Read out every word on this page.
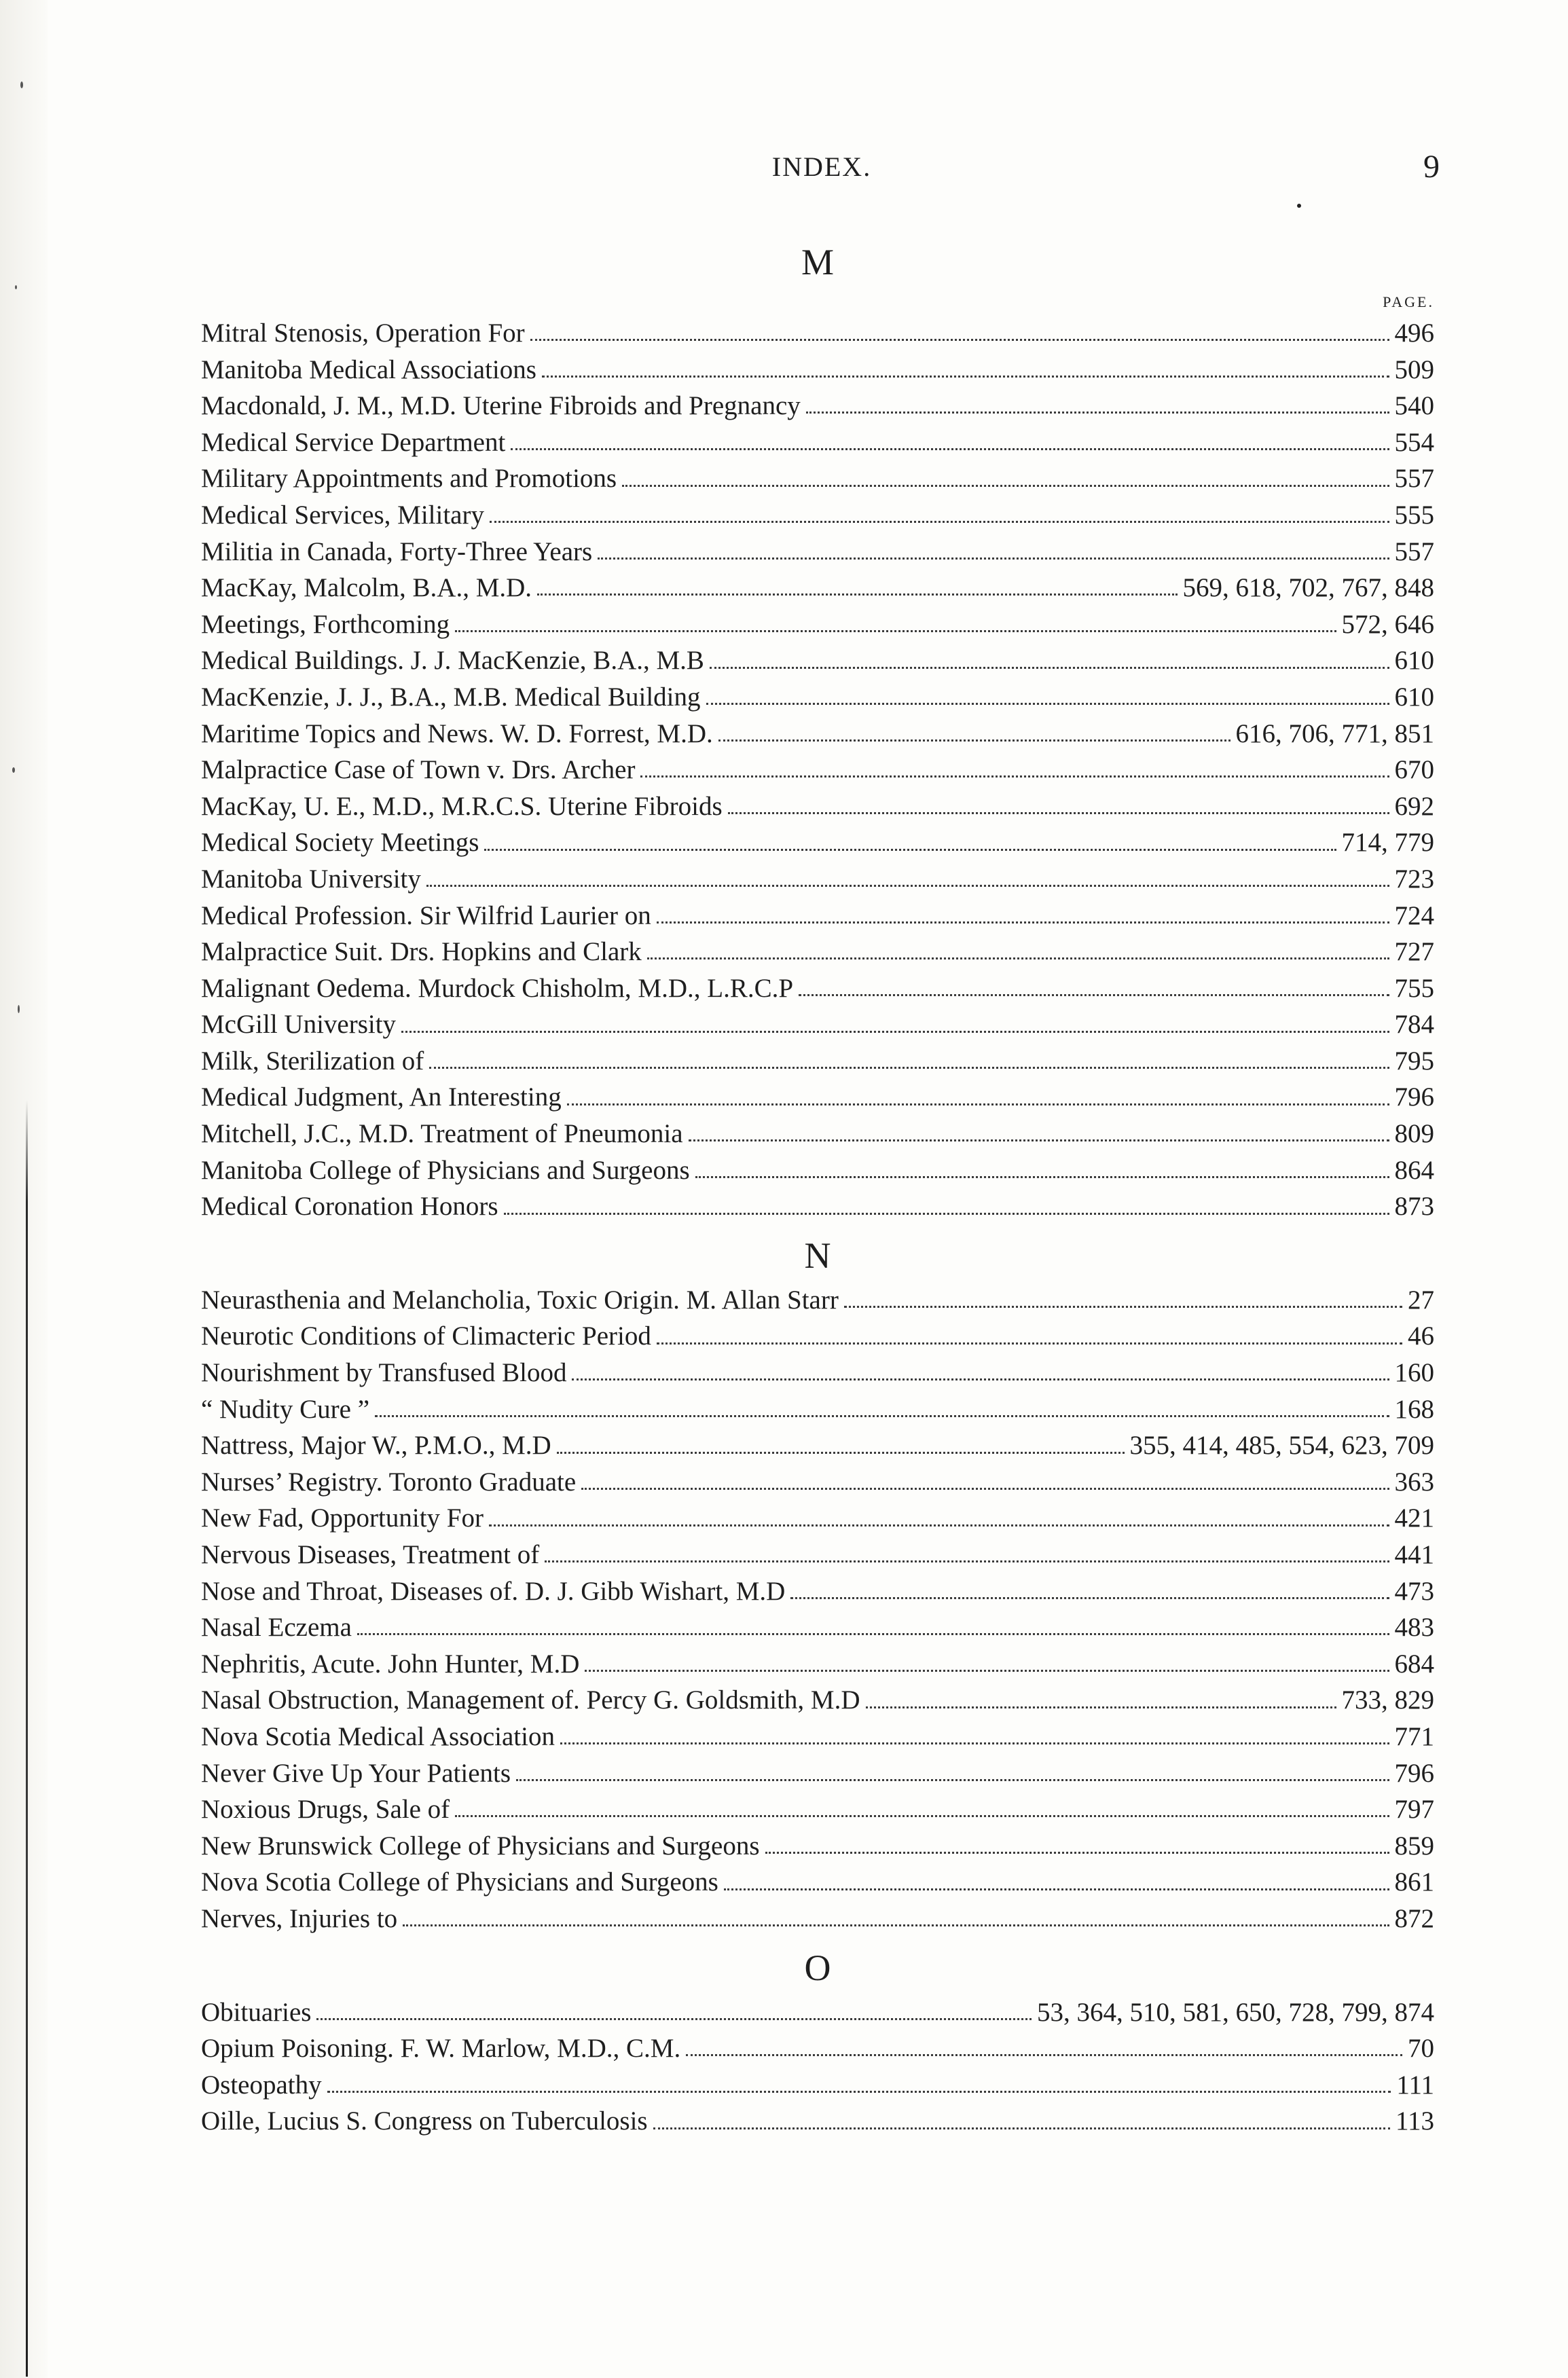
INDEX.	9
M
PAGE.
Mitral Stenosis, Operation For	496
Manitoba Medical Associations	509
Macdonald, J. M., M.D. Uterine Fibroids and Pregnancy	540
Medical Service Department	554
Military Appointments and Promotions	557
Medical Services, Military	555
Militia in Canada, Forty-Three Years	557
MacKay, Malcolm, B.A., M.D.	569, 618, 702, 767, 848
Meetings, Forthcoming	572, 646
Medical Buildings. J. J. MacKenzie, B.A., M.B	610
MacKenzie, J. J., B.A., M.B. Medical Building	610
Maritime Topics and News. W. D. Forrest, M.D.	616, 706, 771, 851
Malpractice Case of Town v. Drs. Archer	670
MacKay, U. E., M.D., M.R.C.S. Uterine Fibroids	692
Medical Society Meetings	714, 779
Manitoba University	723
Medical Profession. Sir Wilfrid Laurier on	724
Malpractice Suit. Drs. Hopkins and Clark	727
Malignant Oedema. Murdock Chisholm, M.D., L.R.C.P	755
McGill University	784
Milk, Sterilization of	795
Medical Judgment, An Interesting	796
Mitchell, J.C., M.D. Treatment of Pneumonia	809
Manitoba College of Physicians and Surgeons	864
Medical Coronation Honors	873
N
Neurasthenia and Melancholia, Toxic Origin. M. Allan Starr	27
Neurotic Conditions of Climacteric Period	46
Nourishment by Transfused Blood	160
“ Nudity Cure ”	168
Nattress, Major W., P.M.O., M.D	355, 414, 485, 554, 623, 709
Nurses’ Registry. Toronto Graduate	363
New Fad, Opportunity For	421
Nervous Diseases, Treatment of	441
Nose and Throat, Diseases of. D. J. Gibb Wishart, M.D	473
Nasal Eczema	483
Nephritis, Acute. John Hunter, M.D	684
Nasal Obstruction, Management of. Percy G. Goldsmith, M.D	733, 829
Nova Scotia Medical Association	771
Never Give Up Your Patients	796
Noxious Drugs, Sale of	797
New Brunswick College of Physicians and Surgeons	859
Nova Scotia College of Physicians and Surgeons	861
Nerves, Injuries to	872
O
Obituaries	53, 364, 510, 581, 650, 728, 799, 874
Opium Poisoning. F. W. Marlow, M.D., C.M.	70
Osteopathy	111
Oille, Lucius S. Congress on Tuberculosis	113
